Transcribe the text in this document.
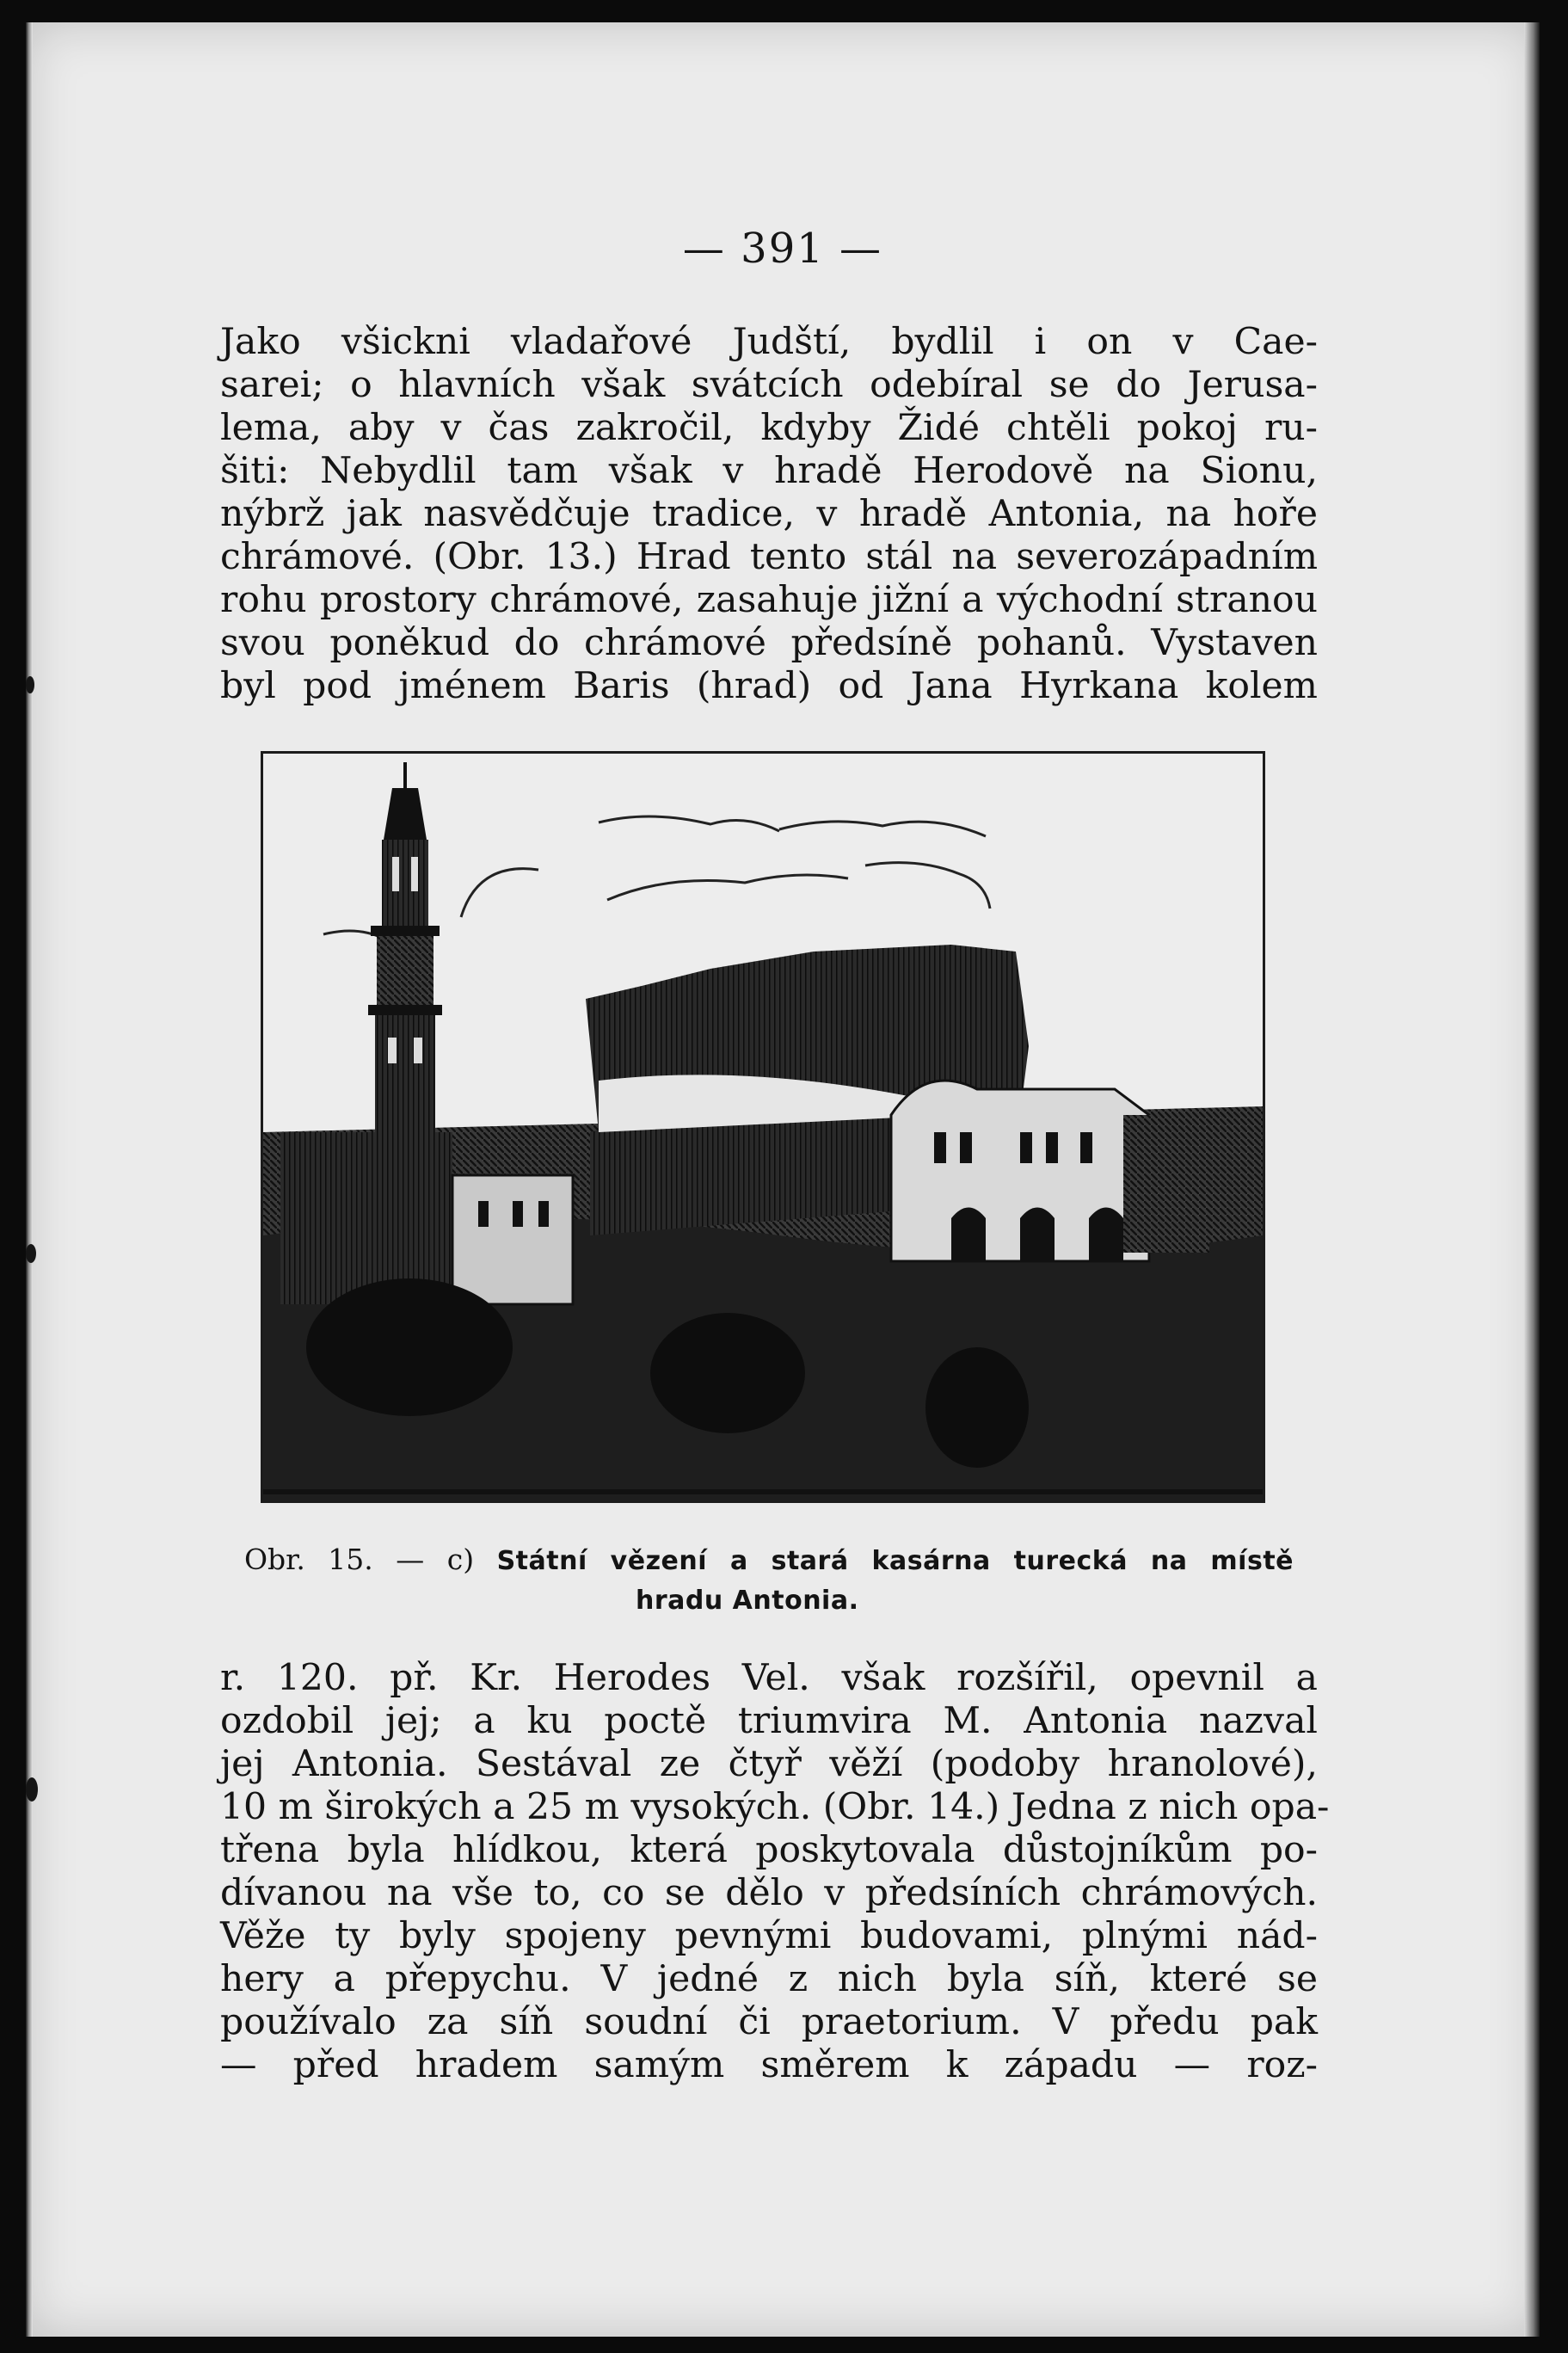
— 391 —
Jako všickni vladařové Judští, bydlil i on v Cae-
sarei; o hlavních však svátcích odebíral se do Jerusa-
lema, aby v čas zakročil, kdyby Židé chtěli pokoj ru-
šiti: Nebydlil tam však v hradě Herodově na Sionu,
nýbrž jak nasvědčuje tradice, v hradě Antonia, na hoře
chrámové. (Obr. 13.) Hrad tento stál na severozápadním
rohu prostory chrámové, zasahuje jižní a východní stranou
svou poněkud do chrámové předsíně pohanů. Vystaven
byl pod jménem Baris (hrad) od Jana Hyrkana kolem
Obr. 15. — c) Státní vězení a stará kasárna turecká na místě
hradu Antonia.
r. 120. př. Kr. Herodes Vel. však rozšířil, opevnil a
ozdobil jej; a ku poctě triumvira M. Antonia nazval
jej Antonia. Sestával ze čtyř věží (podoby hranolové),
10 m širokých a 25 m vysokých. (Obr. 14.) Jedna z nich opa-
třena byla hlídkou, která poskytovala důstojníkům po-
dívanou na vše to, co se dělo v předsíních chrámových.
Věže ty byly spojeny pevnými budovami, plnými nád-
hery a přepychu. V jedné z nich byla síň, které se
používalo za síň soudní či praetorium. V předu pak
— před hradem samým směrem k západu — roz-
